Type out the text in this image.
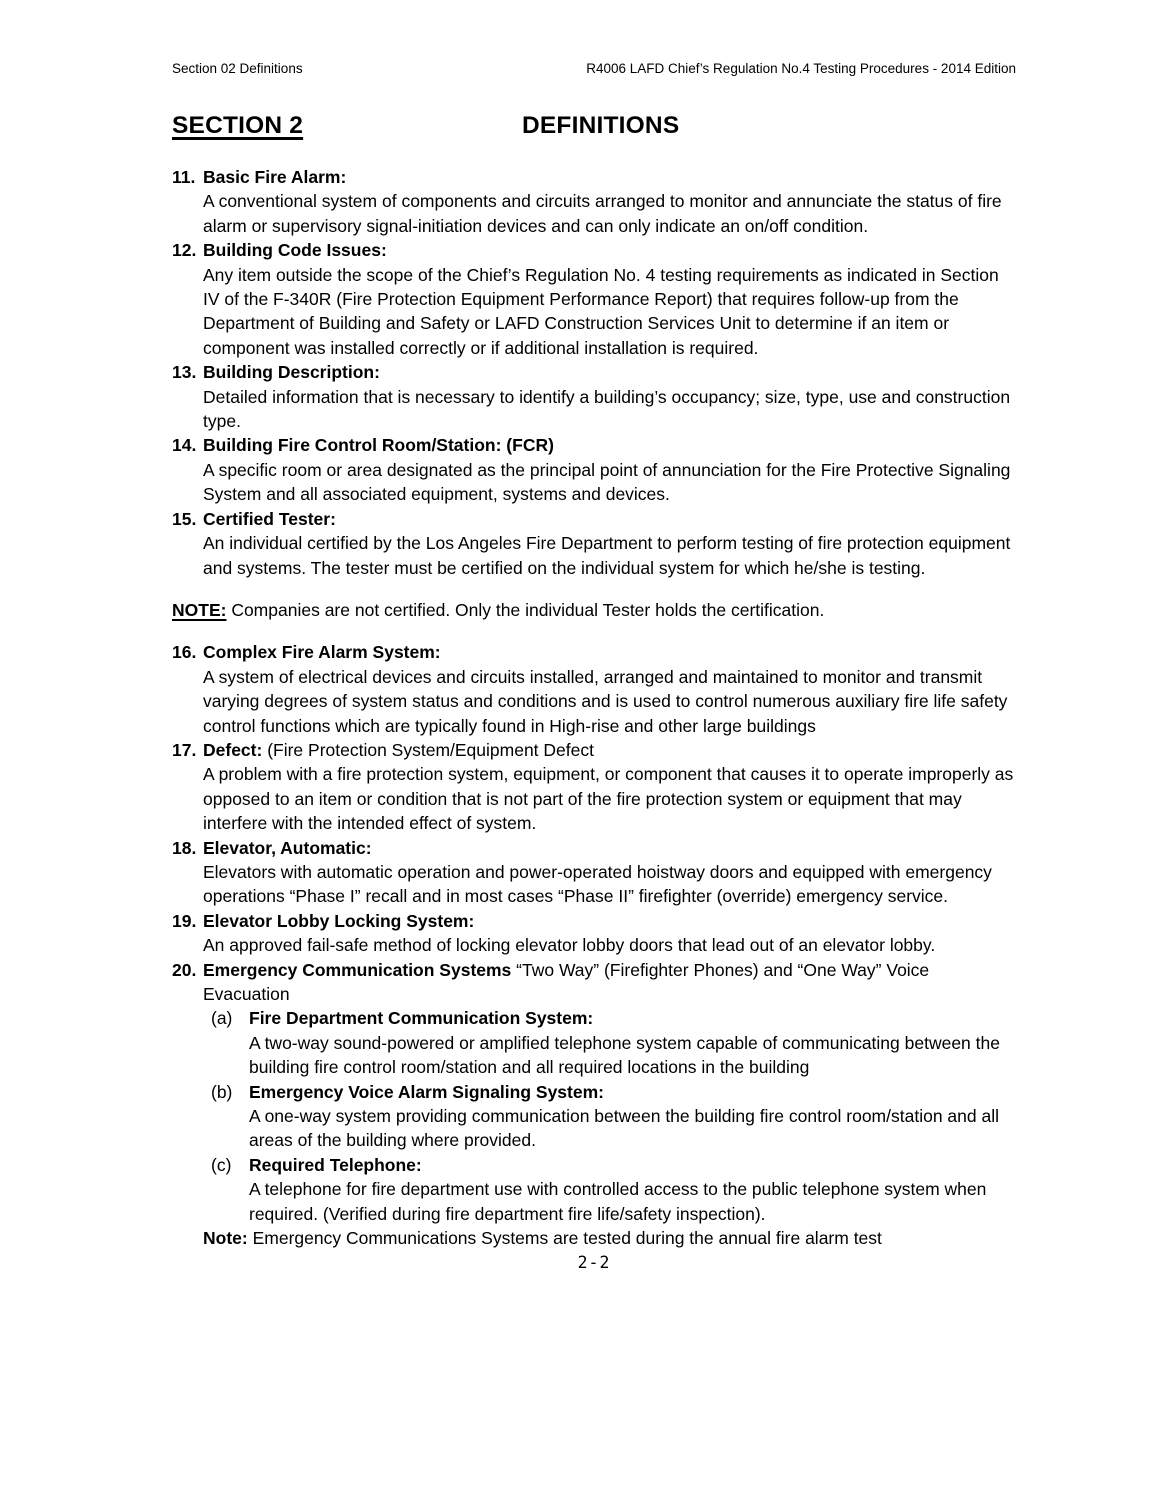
Section 02 Definitions	R4006 LAFD Chief’s Regulation No.4 Testing Procedures - 2014 Edition
SECTION 2	DEFINITIONS
11. Basic Fire Alarm:
A conventional system of components and circuits arranged to monitor and annunciate the status of fire alarm or supervisory signal-initiation devices and can only indicate an on/off condition.
12. Building Code Issues:
Any item outside the scope of the Chief’s Regulation No. 4 testing requirements as indicated in Section IV of the F-340R (Fire Protection Equipment Performance Report) that requires follow-up from the Department of Building and Safety or LAFD Construction Services Unit to determine if an item or component was installed correctly or if additional installation is required.
13. Building Description:
Detailed information that is necessary to identify a building’s occupancy; size, type, use and construction type.
14. Building Fire Control Room/Station: (FCR)
A specific room or area designated as the principal point of annunciation for the Fire Protective Signaling System and all associated equipment, systems and devices.
15. Certified Tester:
An individual certified by the Los Angeles Fire Department to perform testing of fire protection equipment and systems. The tester must be certified on the individual system for which he/she is testing.
NOTE: Companies are not certified. Only the individual Tester holds the certification.
16. Complex Fire Alarm System:
A system of electrical devices and circuits installed, arranged and maintained to monitor and transmit varying degrees of system status and conditions and is used to control numerous auxiliary fire life safety control functions which are typically found in High-rise and other large buildings
17. Defect: (Fire Protection System/Equipment Defect
A problem with a fire protection system, equipment, or component that causes it to operate improperly as opposed to an item or condition that is not part of the fire protection system or equipment that may interfere with the intended effect of system.
18. Elevator, Automatic:
Elevators with automatic operation and power-operated hoistway doors and equipped with emergency operations “Phase I” recall and in most cases “Phase II” firefighter (override) emergency service.
19. Elevator Lobby Locking System:
An approved fail-safe method of locking elevator lobby doors that lead out of an elevator lobby.
20. Emergency Communication Systems “Two Way” (Firefighter Phones) and “One Way” Voice Evacuation
(a) Fire Department Communication System:
A two-way sound-powered or amplified telephone system capable of communicating between the building fire control room/station and all required locations in the building
(b) Emergency Voice Alarm Signaling System:
A one-way system providing communication between the building fire control room/station and all areas of the building where provided.
(c)	Required Telephone:
A telephone for fire department use with controlled access to the public telephone system when required. (Verified during fire department fire life/safety inspection).
Note: Emergency Communications Systems are tested during the annual fire alarm test
2-2
